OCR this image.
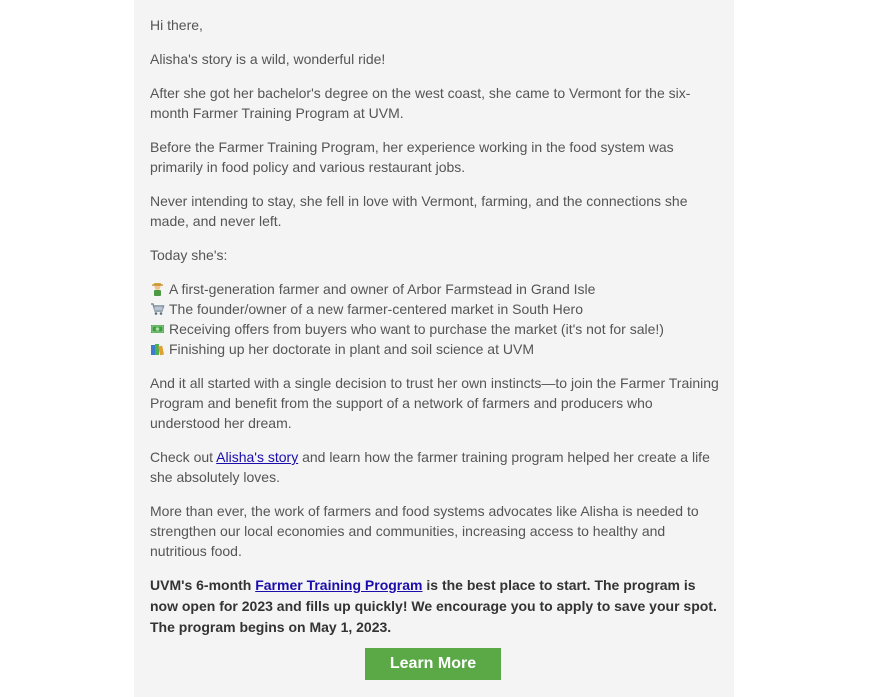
Hi there,

Alisha's story is a wild, wonderful ride!

After she got her bachelor's degree on the west coast, she came to Vermont for the six-month Farmer Training Program at UVM.

Before the Farmer Training Program, her experience working in the food system was primarily in food policy and various restaurant jobs.

Never intending to stay, she fell in love with Vermont, farming, and the connections she made, and never left.

Today she's:

A first-generation farmer and owner of Arbor Farmstead in Grand Isle
The founder/owner of a new farmer-centered market in South Hero
Receiving offers from buyers who want to purchase the market (it's not for sale!)
Finishing up her doctorate in plant and soil science at UVM

And it all started with a single decision to trust her own instincts—to join the Farmer Training Program and benefit from the support of a network of farmers and producers who understood her dream.

Check out Alisha's story and learn how the farmer training program helped her create a life she absolutely loves.

More than ever, the work of farmers and food systems advocates like Alisha is needed to strengthen our local economies and communities, increasing access to healthy and nutritious food.

UVM's 6-month Farmer Training Program is the best place to start. The program is now open for 2023 and fills up quickly! We encourage you to apply to save your spot. The program begins on May 1, 2023.

Learn More
